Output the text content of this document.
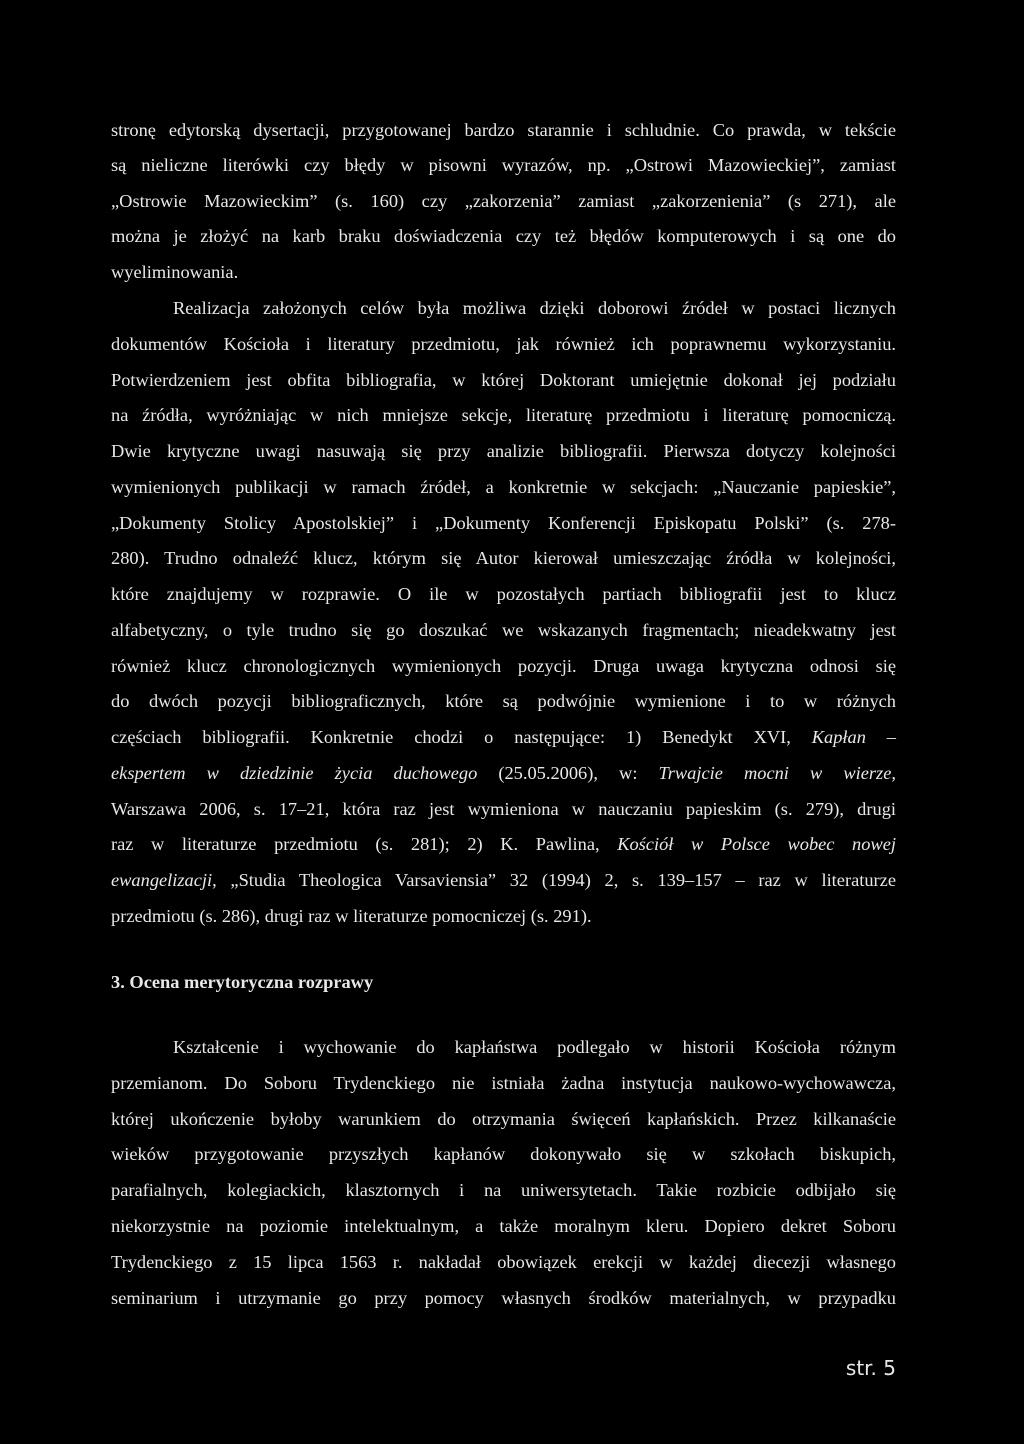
stronę edytorską dysertacji, przygotowanej bardzo starannie i schludnie. Co prawda, w tekście
są nieliczne literówki czy błędy w pisowni wyrazów, np. „Ostrowi Mazowieckiej”, zamiast
„Ostrowie Mazowieckim” (s. 160) czy „zakorzenia” zamiast „zakorzenienia” (s 271), ale
można je złożyć na karb braku doświadczenia czy też błędów komputerowych i są one do
wyeliminowania.
Realizacja założonych celów była możliwa dzięki doborowi źródeł w postaci licznych
dokumentów Kościoła i literatury przedmiotu, jak również ich poprawnemu wykorzystaniu.
Potwierdzeniem jest obfita bibliografia, w której Doktorant umiejętnie dokonał jej podziału
na źródła, wyróżniając w nich mniejsze sekcje, literaturę przedmiotu i literaturę pomocniczą.
Dwie krytyczne uwagi nasuwają się przy analizie bibliografii. Pierwsza dotyczy kolejności
wymienionych publikacji w ramach źródeł, a konkretnie w sekcjach: „Nauczanie papieskie”,
„Dokumenty Stolicy Apostolskiej” i „Dokumenty Konferencji Episkopatu Polski” (s. 278-
280). Trudno odnaleźć klucz, którym się Autor kierował umieszczając źródła w kolejności,
które znajdujemy w rozprawie. O ile w pozostałych partiach bibliografii jest to klucz
alfabetyczny, o tyle trudno się go doszukać we wskazanych fragmentach; nieadekwatny jest
również klucz chronologicznych wymienionych pozycji. Druga uwaga krytyczna odnosi się
do dwóch pozycji bibliograficznych, które są podwójnie wymienione i to w różnych
częściach bibliografii. Konkretnie chodzi o następujące: 1) Benedykt XVI, Kapłan –
ekspertem w dziedzinie życia duchowego (25.05.2006), w: Trwajcie mocni w wierze,
Warszawa 2006, s. 17–21, która raz jest wymieniona w nauczaniu papieskim (s. 279), drugi
raz w literaturze przedmiotu (s. 281); 2) K. Pawlina, Kościół w Polsce wobec nowej
ewangelizacji, „Studia Theologica Varsaviensia” 32 (1994) 2, s. 139–157 – raz w literaturze
przedmiotu (s. 286), drugi raz w literaturze pomocniczej (s. 291).
3. Ocena merytoryczna rozprawy
Kształcenie i wychowanie do kapłaństwa podlegało w historii Kościoła różnym
przemianom. Do Soboru Trydenckiego nie istniała żadna instytucja naukowo-wychowawcza,
której ukończenie byłoby warunkiem do otrzymania święceń kapłańskich. Przez kilkanaście
wieków przygotowanie przyszłych kapłanów dokonywało się w szkołach biskupich,
parafialnych, kolegiackich, klasztornych i na uniwersytetach. Takie rozbicie odbijało się
niekorzystnie na poziomie intelektualnym, a także moralnym kleru. Dopiero dekret Soboru
Trydenckiego z 15 lipca 1563 r. nakładał obowiązek erekcji w każdej diecezji własnego
seminarium i utrzymanie go przy pomocy własnych środków materialnych, w przypadku
str. 5
